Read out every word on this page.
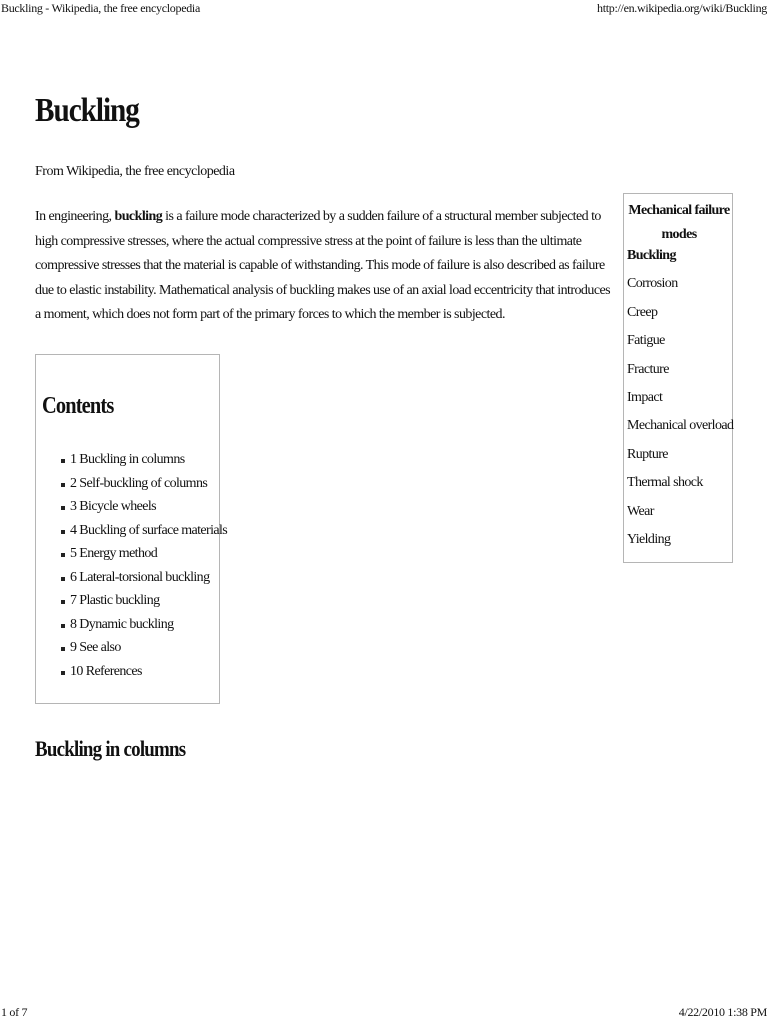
Buckling - Wikipedia, the free encyclopedia	http://en.wikipedia.org/wiki/Buckling
Buckling
From Wikipedia, the free encyclopedia

In engineering, buckling is a failure mode characterized by a sudden failure of a structural member subjected to high compressive stresses, where the actual compressive stress at the point of failure is less than the ultimate compressive stresses that the material is capable of withstanding. This mode of failure is also described as failure due to elastic instability. Mathematical analysis of buckling makes use of an axial load eccentricity that introduces a moment, which does not form part of the primary forces to which the member is subjected.

Contents
1 Buckling in columns
2 Self-buckling of columns
3 Bicycle wheels
4 Buckling of surface materials
5 Energy method
6 Lateral-torsional buckling
7 Plastic buckling
8 Dynamic buckling
9 See also
10 References
Mechanical failure modes
Buckling
Corrosion
Creep
Fatigue
Fracture
Impact
Mechanical overload
Rupture
Thermal shock
Wear
Yielding
Buckling in columns
1 of 7	4/22/2010 1:38 PM
